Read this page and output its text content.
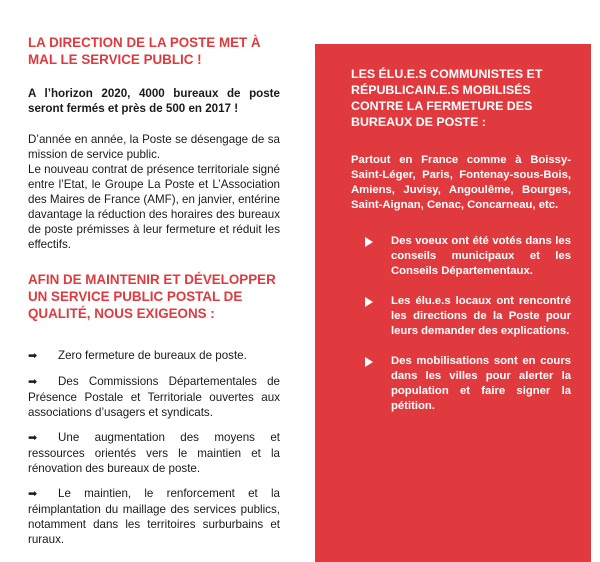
LA DIRECTION DE LA POSTE MET À MAL LE SERVICE PUBLIC !

A l’horizon 2020, 4000 bureaux de poste seront fermés et près de 500 en 2017 !

D’année en année, la Poste se désengage de sa mission de service public.

Le nouveau contrat de présence territoriale signé entre l’Etat, le Groupe La Poste et L’Association des Maires de France (AMF), en janvier, entérine davantage la réduction des horaires des bureaux de poste prémisses à leur fermeture et réduit les effectifs.

AFIN DE MAINTENIR ET DÉVELOPPER UN SERVICE PUBLIC POSTAL DE QUALITÉ, NOUS EXIGEONS :
➡ Zero fermeture de bureaux de poste.
➡ Des Commissions Départementales de Présence Postale et Territoriale ouvertes aux associations d’usagers et syndicats.
➡ Une augmentation des moyens et ressources orientés vers le maintien et la rénovation des bureaux de poste.
➡ Le maintien, le renforcement et la réimplantation du maillage des services publics, notamment dans les territoires surburbains et ruraux.
LES ÉLU.E.S COMMUNISTES ET RÉPUBLICAIN.E.S MOBILISÉS CONTRE LA FERMETURE DES BUREAUX DE POSTE :

Partout en France comme à Boissy-Saint-Léger, Paris, Fontenay-sous-Bois, Amiens, Juvisy, Angoulême, Bourges, Saint-Aignan, Cenac, Concarneau, etc.

Des voeux ont été votés dans les conseils municipaux et les Conseils Départementaux.
Les élu.e.s locaux ont rencontré les directions de la Poste pour leurs demander des explications.
Des mobilisations sont en cours dans les villes pour alerter la population et faire signer la pétition.
